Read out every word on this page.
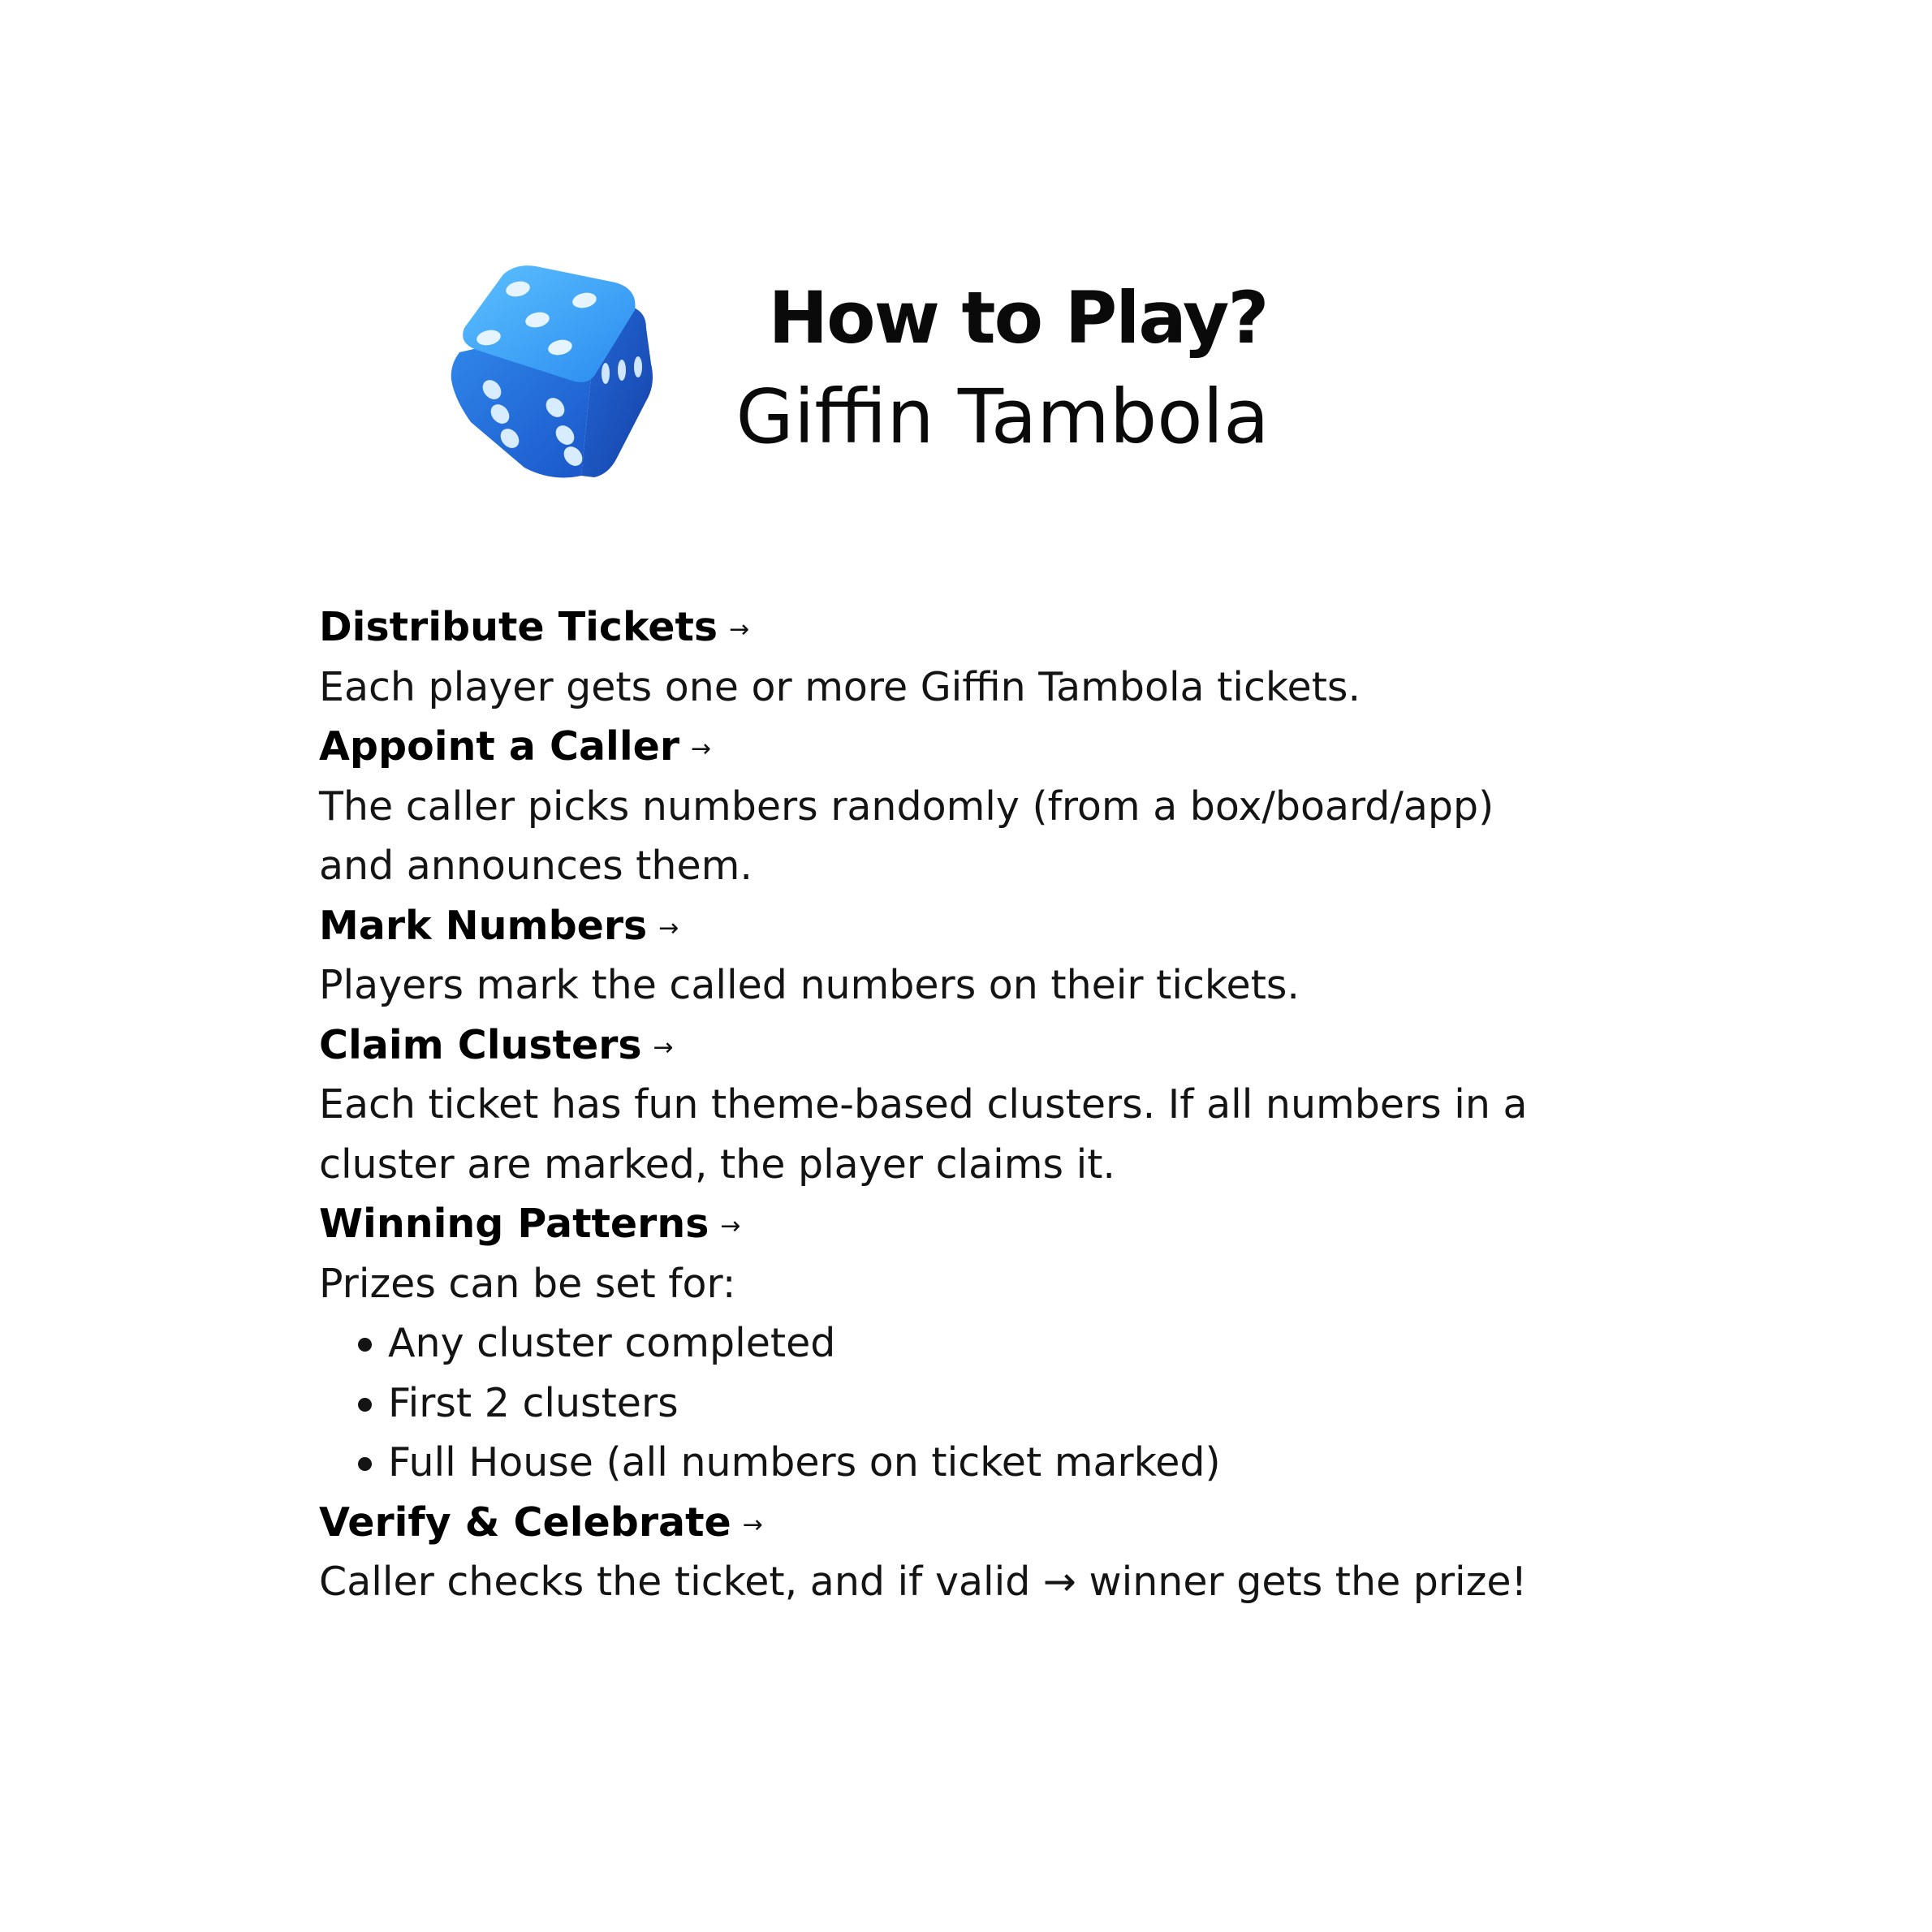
How to Play?
Giffin Tambola
Distribute Tickets →
Each player gets one or more Giffin Tambola tickets.
Appoint a Caller →
The caller picks numbers randomly (from a box/board/app)
and announces them.
Mark Numbers →
Players mark the called numbers on their tickets.
Claim Clusters →
Each ticket has fun theme-based clusters. If all numbers in a
cluster are marked, the player claims it.
Winning Patterns →
Prizes can be set for:
Any cluster completed
First 2 clusters
Full House (all numbers on ticket marked)
Verify & Celebrate →
Caller checks the ticket, and if valid → winner gets the prize!
